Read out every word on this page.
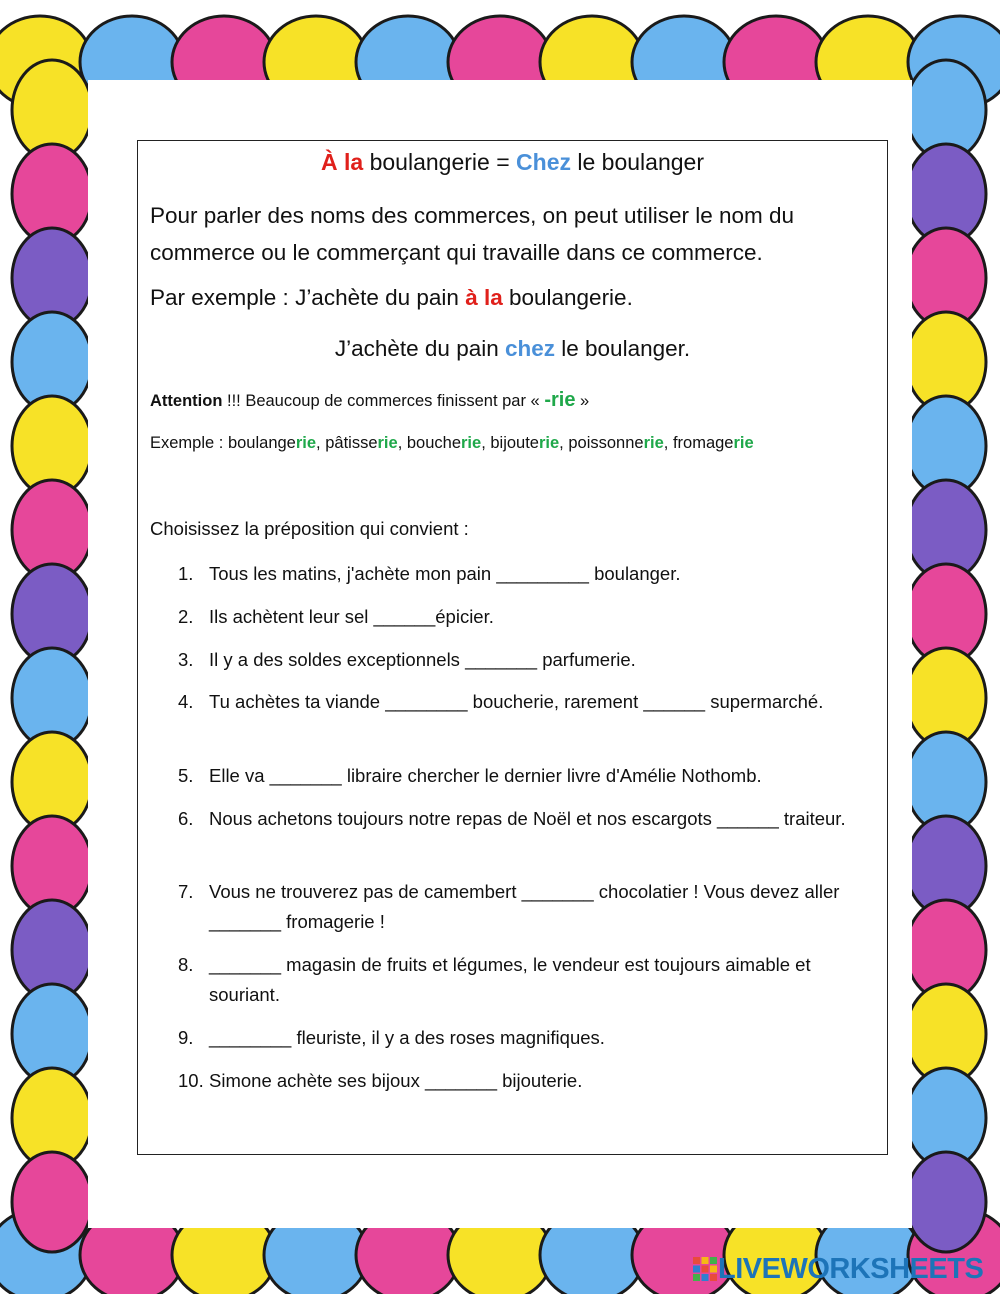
À la boulangerie = Chez le boulanger
Pour parler des noms des commerces, on peut utiliser le nom du commerce ou le commerçant qui travaille dans ce commerce.
Par exemple : J’achète du pain à la boulangerie.
J’achète du pain chez le boulanger.
Attention !!! Beaucoup de commerces finissent par « -rie »
Exemple : boulangerie, pâtisserie, boucherie, bijouterie, poissonnerie, fromagerie
Choisissez la préposition qui convient :
1. Tous les matins, j'achète mon pain _________ boulanger.
2. Ils achètent leur sel ______épicier.
3. Il y a des soldes exceptionnels _______ parfumerie.
4. Tu achètes ta viande ________ boucherie, rarement ______ supermarché.
5. Elle va _______ libraire chercher le dernier livre d'Amélie Nothomb.
6. Nous achetons toujours notre repas de Noël et nos escargots ______ traiteur.
7. Vous ne trouverez pas de camembert _______ chocolatier ! Vous devez aller _______ fromagerie !
8. _______ magasin de fruits et légumes, le vendeur est toujours aimable et souriant.
9. ________ fleuriste, il y a des roses magnifiques.
10. Simone achète ses bijoux _______ bijouterie.
LIVEWORKSHEETS
